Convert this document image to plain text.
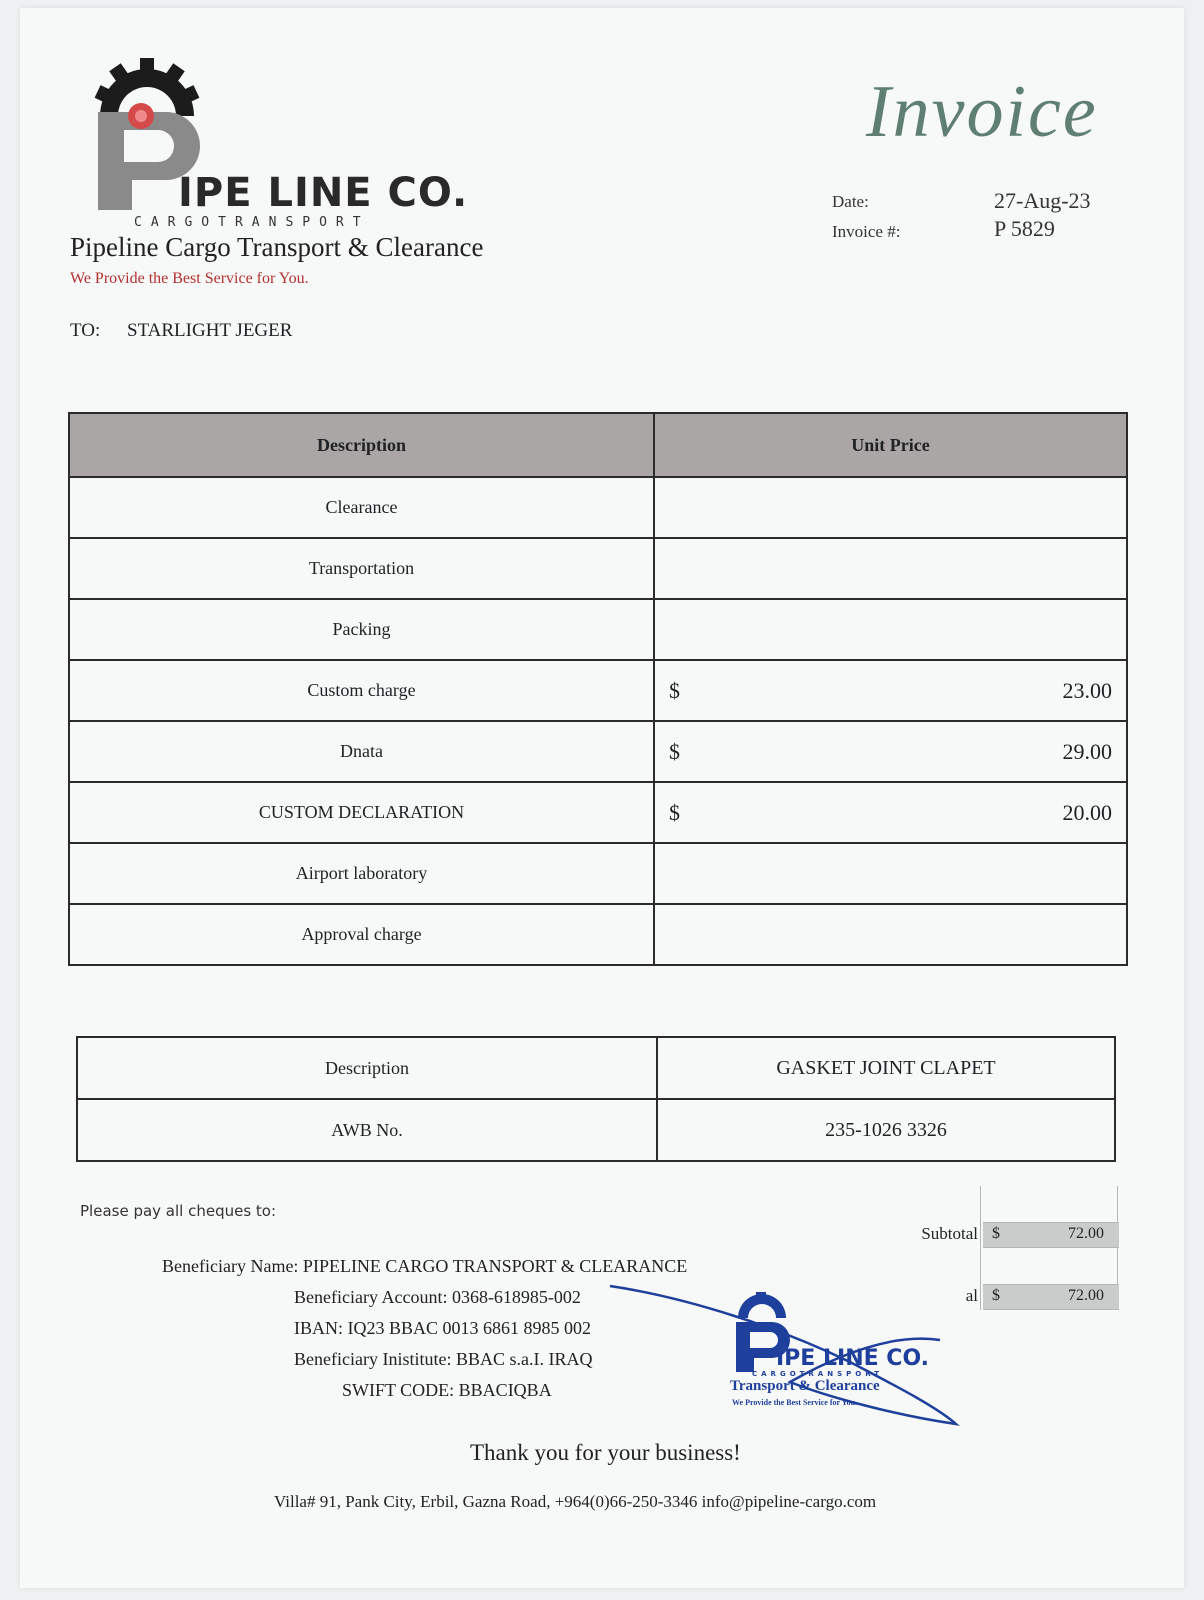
IPE LINE CO.
CARGOTRANSPORT
Pipeline Cargo Transport & Clearance
We Provide the Best Service for You.
Invoice
Date:	27-Aug-23
Invoice #:	P 5829
TO: STARLIGHT JEGER
Description	Unit Price
Clearance	

Transportation	

Packing	

Custom charge	$ 23.00

Dnata	$ 29.00

CUSTOM DECLARATION	$ 20.00

Airport laboratory	

Approval charge	
Description	GASKET JOINT CLAPET
AWB No.	235-1026 3326
Please pay all cheques to:
Beneficiary Name: PIPELINE CARGO TRANSPORT & CLEARANCE
Beneficiary Account: 0368-618985-002
IBAN: IQ23 BBAC 0013 6861 8985 002
Beneficiary Inistitute: BBAC s.a.I. IRAQ
SWIFT CODE: BBACIQBA
Subtotal $	72.00
al $	72.00
IPE LINE CO.
CARGOTRANSPORT
Transport & Clearance
We Provide the Best Service for You.
Thank you for your business!
Villa# 91, Pank City, Erbil, Gazna Road, +964(0)66-250-3346 info@pipeline-cargo.com
